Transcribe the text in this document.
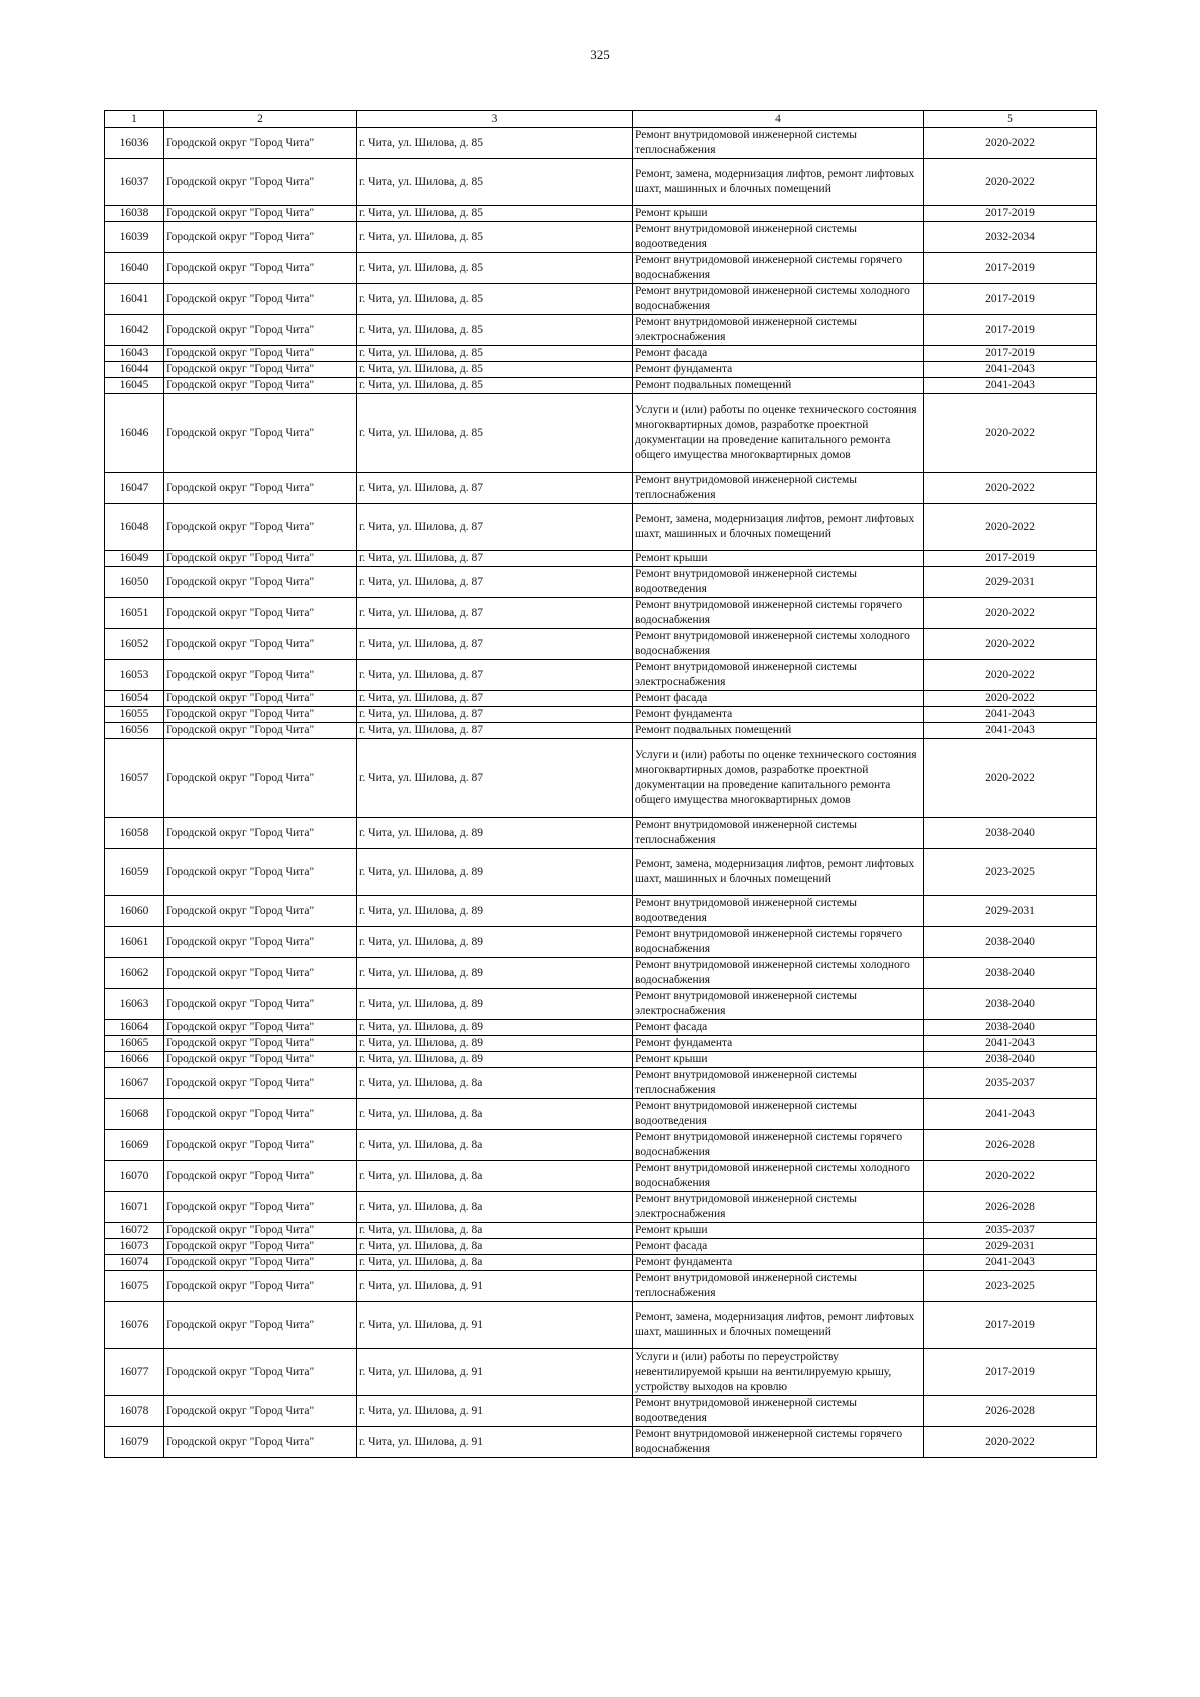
325
1	2	3	4	5
16036	Городской округ "Город Чита"	г. Чита, ул. Шилова, д. 85	Ремонт внутридомовой инженерной системы теплоснабжения	2020-2022
16037	Городской округ "Город Чита"	г. Чита, ул. Шилова, д. 85	Ремонт, замена, модернизация лифтов, ремонт лифтовых шахт, машинных и блочных помещений	2020-2022
16038	Городской округ "Город Чита"	г. Чита, ул. Шилова, д. 85	Ремонт крыши	2017-2019
16039	Городской округ "Город Чита"	г. Чита, ул. Шилова, д. 85	Ремонт внутридомовой инженерной системы водоотведения	2032-2034
16040	Городской округ "Город Чита"	г. Чита, ул. Шилова, д. 85	Ремонт внутридомовой инженерной системы горячего водоснабжения	2017-2019
16041	Городской округ "Город Чита"	г. Чита, ул. Шилова, д. 85	Ремонт внутридомовой инженерной системы холодного водоснабжения	2017-2019
16042	Городской округ "Город Чита"	г. Чита, ул. Шилова, д. 85	Ремонт внутридомовой инженерной системы электроснабжения	2017-2019
16043	Городской округ "Город Чита"	г. Чита, ул. Шилова, д. 85	Ремонт фасада	2017-2019
16044	Городской округ "Город Чита"	г. Чита, ул. Шилова, д. 85	Ремонт фундамента	2041-2043
16045	Городской округ "Город Чита"	г. Чита, ул. Шилова, д. 85	Ремонт подвальных помещений	2041-2043
16046	Городской округ "Город Чита"	г. Чита, ул. Шилова, д. 85	Услуги и (или) работы по оценке технического состояния многоквартирных домов, разработке проектной документации на проведение капитального ремонта общего имущества многоквартирных домов	2020-2022
16047	Городской округ "Город Чита"	г. Чита, ул. Шилова, д. 87	Ремонт внутридомовой инженерной системы теплоснабжения	2020-2022
16048	Городской округ "Город Чита"	г. Чита, ул. Шилова, д. 87	Ремонт, замена, модернизация лифтов, ремонт лифтовых шахт, машинных и блочных помещений	2020-2022
16049	Городской округ "Город Чита"	г. Чита, ул. Шилова, д. 87	Ремонт крыши	2017-2019
16050	Городской округ "Город Чита"	г. Чита, ул. Шилова, д. 87	Ремонт внутридомовой инженерной системы водоотведения	2029-2031
16051	Городской округ "Город Чита"	г. Чита, ул. Шилова, д. 87	Ремонт внутридомовой инженерной системы горячего водоснабжения	2020-2022
16052	Городской округ "Город Чита"	г. Чита, ул. Шилова, д. 87	Ремонт внутридомовой инженерной системы холодного водоснабжения	2020-2022
16053	Городской округ "Город Чита"	г. Чита, ул. Шилова, д. 87	Ремонт внутридомовой инженерной системы электроснабжения	2020-2022
16054	Городской округ "Город Чита"	г. Чита, ул. Шилова, д. 87	Ремонт фасада	2020-2022
16055	Городской округ "Город Чита"	г. Чита, ул. Шилова, д. 87	Ремонт фундамента	2041-2043
16056	Городской округ "Город Чита"	г. Чита, ул. Шилова, д. 87	Ремонт подвальных помещений	2041-2043
16057	Городской округ "Город Чита"	г. Чита, ул. Шилова, д. 87	Услуги и (или) работы по оценке технического состояния многоквартирных домов, разработке проектной документации на проведение капитального ремонта общего имущества многоквартирных домов	2020-2022
16058	Городской округ "Город Чита"	г. Чита, ул. Шилова, д. 89	Ремонт внутридомовой инженерной системы теплоснабжения	2038-2040
16059	Городской округ "Город Чита"	г. Чита, ул. Шилова, д. 89	Ремонт, замена, модернизация лифтов, ремонт лифтовых шахт, машинных и блочных помещений	2023-2025
16060	Городской округ "Город Чита"	г. Чита, ул. Шилова, д. 89	Ремонт внутридомовой инженерной системы водоотведения	2029-2031
16061	Городской округ "Город Чита"	г. Чита, ул. Шилова, д. 89	Ремонт внутридомовой инженерной системы горячего водоснабжения	2038-2040
16062	Городской округ "Город Чита"	г. Чита, ул. Шилова, д. 89	Ремонт внутридомовой инженерной системы холодного водоснабжения	2038-2040
16063	Городской округ "Город Чита"	г. Чита, ул. Шилова, д. 89	Ремонт внутридомовой инженерной системы электроснабжения	2038-2040
16064	Городской округ "Город Чита"	г. Чита, ул. Шилова, д. 89	Ремонт фасада	2038-2040
16065	Городской округ "Город Чита"	г. Чита, ул. Шилова, д. 89	Ремонт фундамента	2041-2043
16066	Городской округ "Город Чита"	г. Чита, ул. Шилова, д. 89	Ремонт крыши	2038-2040
16067	Городской округ "Город Чита"	г. Чита, ул. Шилова, д. 8а	Ремонт внутридомовой инженерной системы теплоснабжения	2035-2037
16068	Городской округ "Город Чита"	г. Чита, ул. Шилова, д. 8а	Ремонт внутридомовой инженерной системы водоотведения	2041-2043
16069	Городской округ "Город Чита"	г. Чита, ул. Шилова, д. 8а	Ремонт внутридомовой инженерной системы горячего водоснабжения	2026-2028
16070	Городской округ "Город Чита"	г. Чита, ул. Шилова, д. 8а	Ремонт внутридомовой инженерной системы холодного водоснабжения	2020-2022
16071	Городской округ "Город Чита"	г. Чита, ул. Шилова, д. 8а	Ремонт внутридомовой инженерной системы электроснабжения	2026-2028
16072	Городской округ "Город Чита"	г. Чита, ул. Шилова, д. 8а	Ремонт крыши	2035-2037
16073	Городской округ "Город Чита"	г. Чита, ул. Шилова, д. 8а	Ремонт фасада	2029-2031
16074	Городской округ "Город Чита"	г. Чита, ул. Шилова, д. 8а	Ремонт фундамента	2041-2043
16075	Городской округ "Город Чита"	г. Чита, ул. Шилова, д. 91	Ремонт внутридомовой инженерной системы теплоснабжения	2023-2025
16076	Городской округ "Город Чита"	г. Чита, ул. Шилова, д. 91	Ремонт, замена, модернизация лифтов, ремонт лифтовых шахт, машинных и блочных помещений	2017-2019
16077	Городской округ "Город Чита"	г. Чита, ул. Шилова, д. 91	Услуги и (или) работы по переустройству невентилируемой крыши на вентилируемую крышу, устройству выходов на кровлю	2017-2019
16078	Городской округ "Город Чита"	г. Чита, ул. Шилова, д. 91	Ремонт внутридомовой инженерной системы водоотведения	2026-2028
16079	Городской округ "Город Чита"	г. Чита, ул. Шилова, д. 91	Ремонт внутридомовой инженерной системы горячего водоснабжения	2020-2022
